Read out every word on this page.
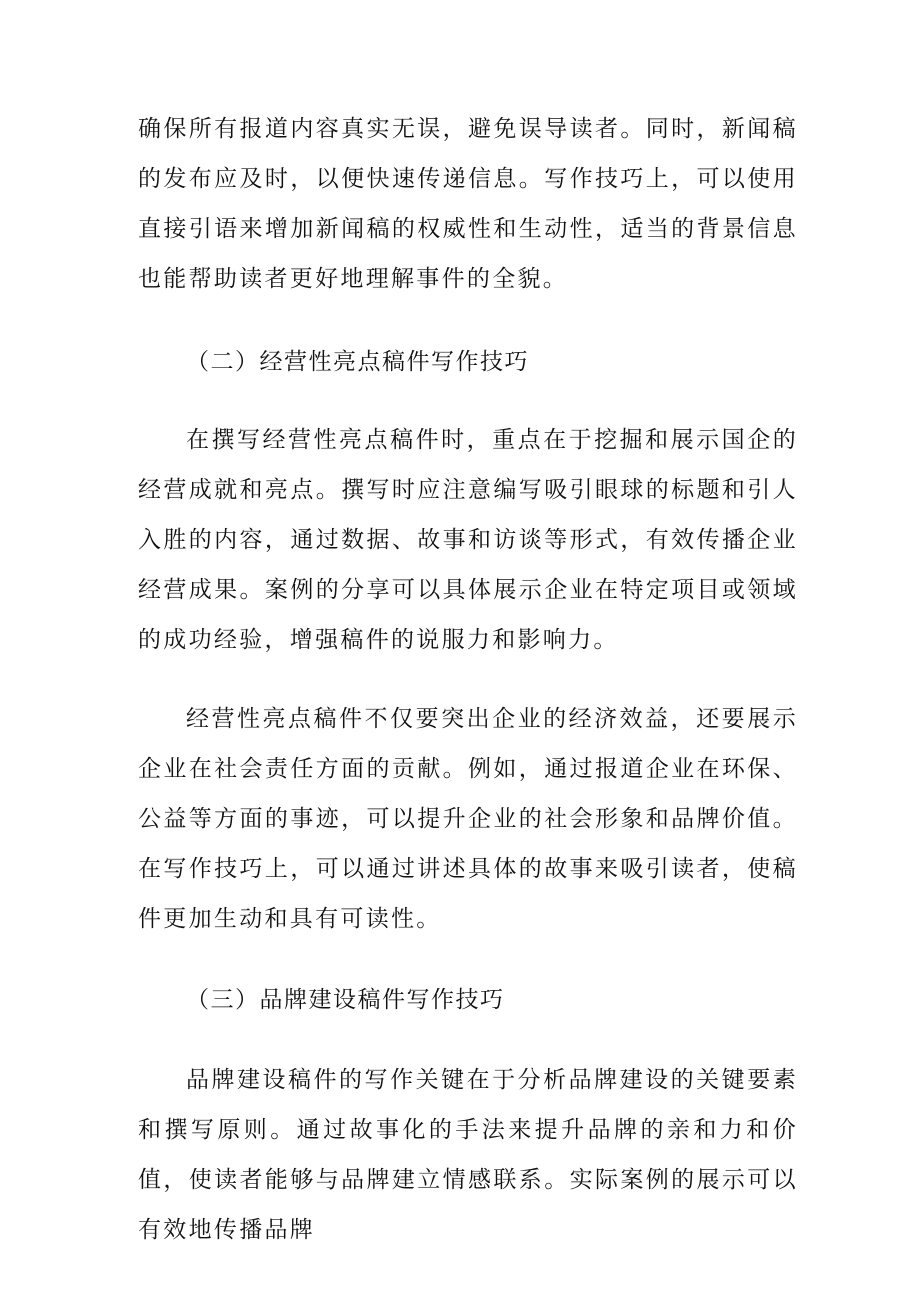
确保所有报道内容真实无误，避免误导读者。同时，新闻稿的发布应及时，以便快速传递信息。写作技巧上，可以使用直接引语来增加新闻稿的权威性和生动性，适当的背景信息也能帮助读者更好地理解事件的全貌。

（二）经营性亮点稿件写作技巧

在撰写经营性亮点稿件时，重点在于挖掘和展示国企的经营成就和亮点。撰写时应注意编写吸引眼球的标题和引人入胜的内容，通过数据、故事和访谈等形式，有效传播企业经营成果。案例的分享可以具体展示企业在特定项目或领域的成功经验，增强稿件的说服力和影响力。

经营性亮点稿件不仅要突出企业的经济效益，还要展示企业在社会责任方面的贡献。例如，通过报道企业在环保、公益等方面的事迹，可以提升企业的社会形象和品牌价值。在写作技巧上，可以通过讲述具体的故事来吸引读者，使稿件更加生动和具有可读性。

（三）品牌建设稿件写作技巧

品牌建设稿件的写作关键在于分析品牌建设的关键要素和撰写原则。通过故事化的手法来提升品牌的亲和力和价值，使读者能够与品牌建立情感联系。实际案例的展示可以有效地传播品牌
